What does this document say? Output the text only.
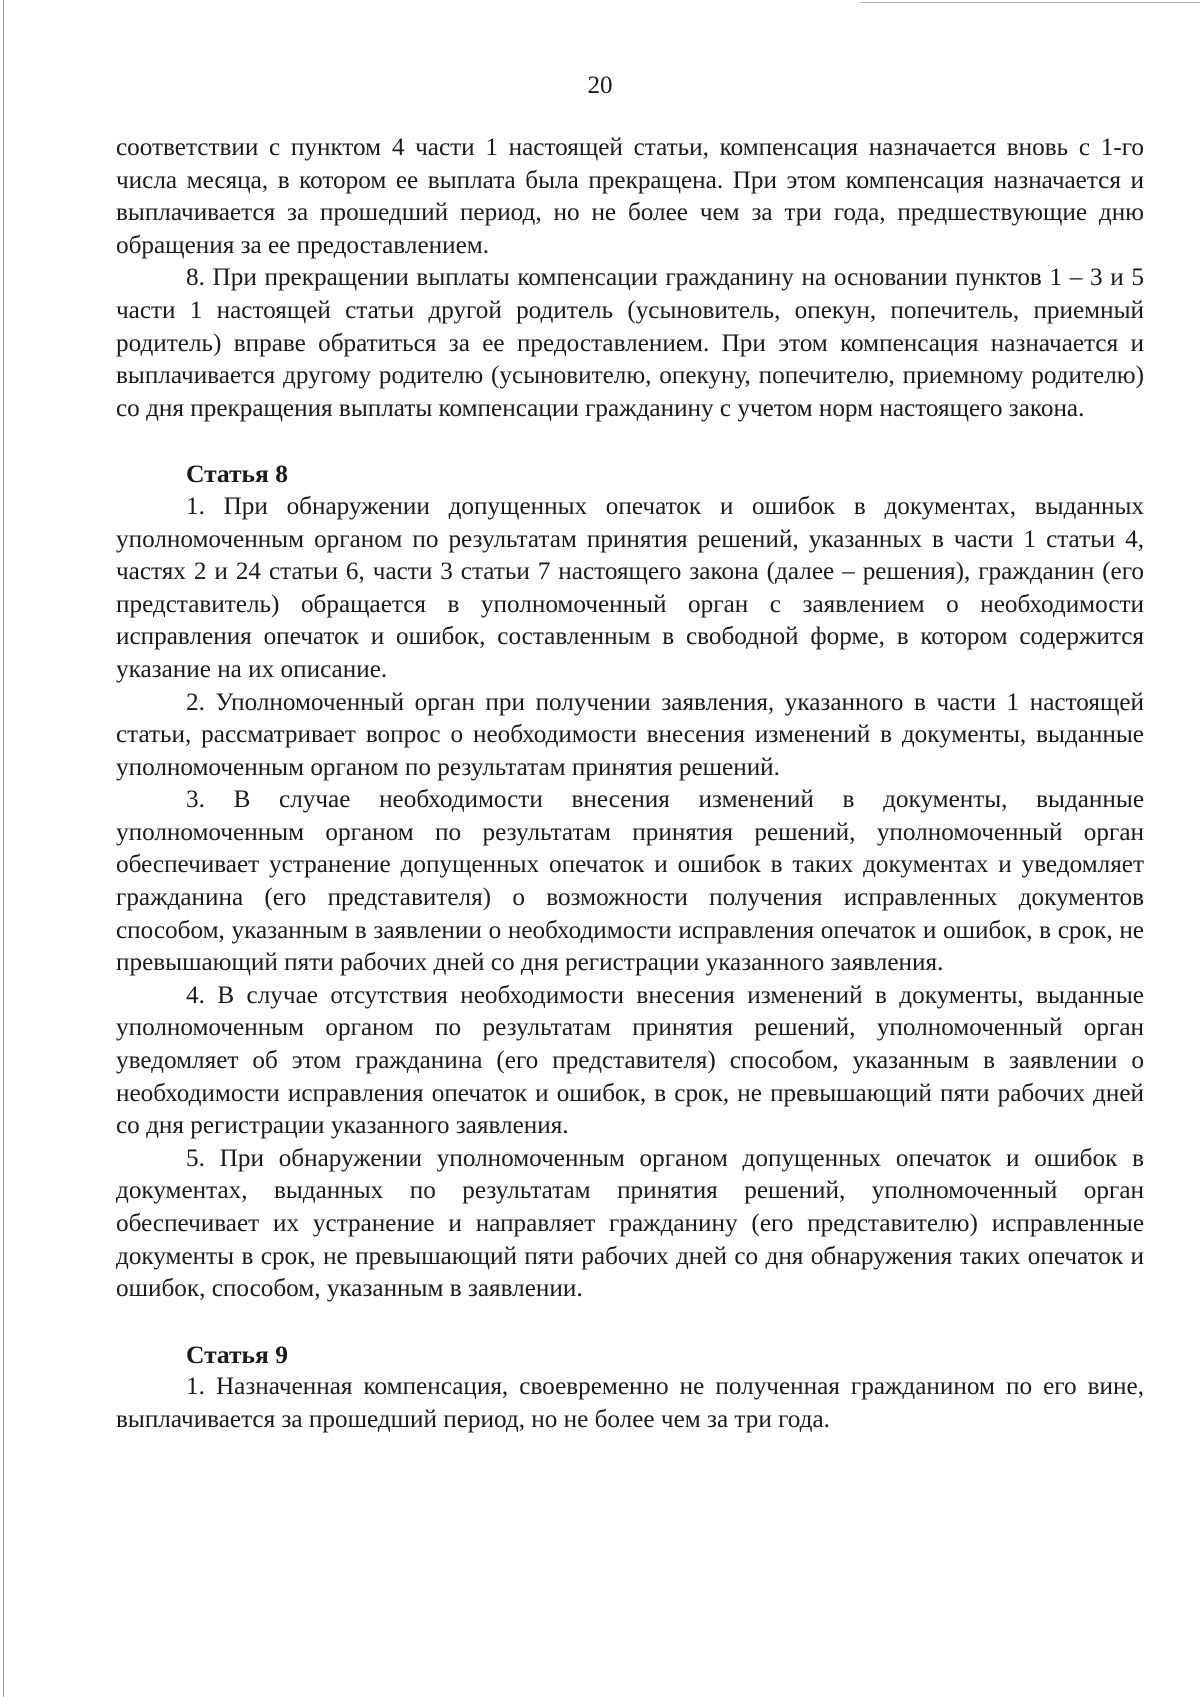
20

соответствии с пунктом 4 части 1 настоящей статьи, компенсация назначается вновь с 1-го числа месяца, в котором ее выплата была прекращена. При этом компенсация назначается и выплачивается за прошедший период, но не более чем за три года, предшествующие дню обращения за ее предоставлением.

8. При прекращении выплаты компенсации гражданину на основании пунктов 1 – 3 и 5 части 1 настоящей статьи другой родитель (усыновитель, опекун, попечитель, приемный родитель) вправе обратиться за ее предоставлением. При этом компенсация назначается и выплачивается другому родителю (усыновителю, опекуну, попечителю, приемному родителю) со дня прекращения выплаты компенсации гражданину с учетом норм настоящего закона.

Статья 8

1. При обнаружении допущенных опечаток и ошибок в документах, выданных уполномоченным органом по результатам принятия решений, указанных в части 1 статьи 4, частях 2 и 24 статьи 6, части 3 статьи 7 настоящего закона (далее – решения), гражданин (его представитель) обращается в уполномоченный орган с заявлением о необходимости исправления опечаток и ошибок, составленным в свободной форме, в котором содержится указание на их описание.

2. Уполномоченный орган при получении заявления, указанного в части 1 настоящей статьи, рассматривает вопрос о необходимости внесения изменений в документы, выданные уполномоченным органом по результатам принятия решений.

3. В случае необходимости внесения изменений в документы, выданные уполномоченным органом по результатам принятия решений, уполномоченный орган обеспечивает устранение допущенных опечаток и ошибок в таких документах и уведомляет гражданина (его представителя) о возможности получения исправленных документов способом, указанным в заявлении о необходимости исправления опечаток и ошибок, в срок, не превышающий пяти рабочих дней со дня регистрации указанного заявления.

4. В случае отсутствия необходимости внесения изменений в документы, выданные уполномоченным органом по результатам принятия решений, уполномоченный орган уведомляет об этом гражданина (его представителя) способом, указанным в заявлении о необходимости исправления опечаток и ошибок, в срок, не превышающий пяти рабочих дней со дня регистрации указанного заявления.

5. При обнаружении уполномоченным органом допущенных опечаток и ошибок в документах, выданных по результатам принятия решений, уполномоченный орган обеспечивает их устранение и направляет гражданину (его представителю) исправленные документы в срок, не превышающий пяти рабочих дней со дня обнаружения таких опечаток и ошибок, способом, указанным в заявлении.

Статья 9

1. Назначенная компенсация, своевременно не полученная гражданином по его вине, выплачивается за прошедший период, но не более чем за три года.
